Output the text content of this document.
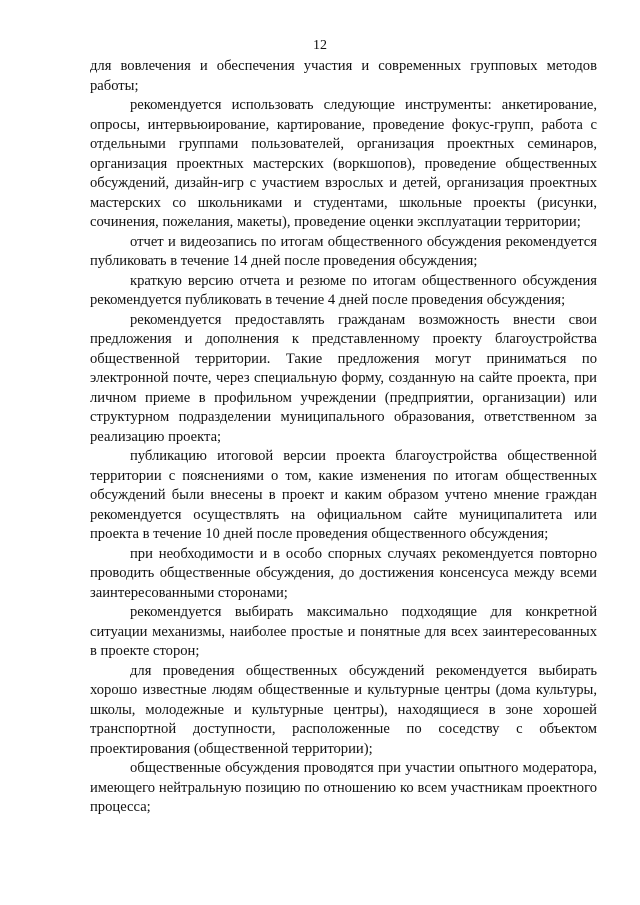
12

для вовлечения и обеспечения участия и современных групповых методов работы;

рекомендуется использовать следующие инструменты: анкетирование, опросы, интервьюирование, картирование, проведение фокус-групп, работа с отдельными группами пользователей, организация проектных семинаров, организация проектных мастерских (воркшопов), проведение общественных обсуждений, дизайн-игр с участием взрослых и детей, организация проектных мастерских со школьниками и студентами, школьные проекты (рисунки, сочинения, пожелания, макеты), проведение оценки эксплуатации территории;

отчет и видеозапись по итогам общественного обсуждения рекомендуется публиковать в течение 14 дней после проведения обсуждения;

краткую версию отчета и резюме по итогам общественного обсуждения рекомендуется публиковать в течение 4 дней после проведения обсуждения;

рекомендуется предоставлять гражданам возможность внести свои предложения и дополнения к представленному проекту благоустройства общественной территории. Такие предложения могут приниматься по электронной почте, через специальную форму, созданную на сайте проекта, при личном приеме в профильном учреждении (предприятии, организации) или структурном подразделении муниципального образования, ответственном за реализацию проекта;

публикацию итоговой версии проекта благоустройства общественной территории с пояснениями о том, какие изменения по итогам общественных обсуждений были внесены в проект и каким образом учтено мнение граждан рекомендуется осуществлять на официальном сайте муниципалитета или проекта в течение 10 дней после проведения общественного обсуждения;

при необходимости и в особо спорных случаях рекомендуется повторно проводить общественные обсуждения, до достижения консенсуса между всеми заинтересованными сторонами;

рекомендуется выбирать максимально подходящие для конкретной ситуации механизмы, наиболее простые и понятные для всех заинтересованных в проекте сторон;

для проведения общественных обсуждений рекомендуется выбирать хорошо известные людям общественные и культурные центры (дома культуры, школы, молодежные и культурные центры), находящиеся в зоне хорошей транспортной доступности, расположенные по соседству с объектом проектирования (общественной территории);

общественные обсуждения проводятся при участии опытного модератора, имеющего нейтральную позицию по отношению ко всем участникам проектного процесса;
